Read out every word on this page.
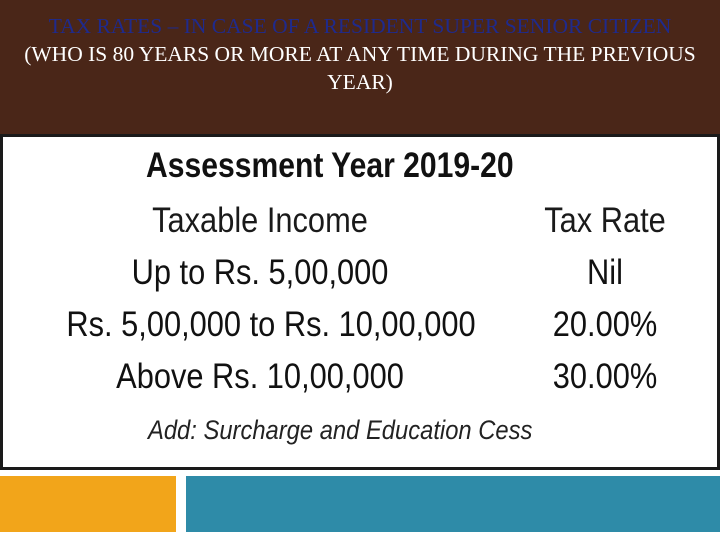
TAX RATES – IN CASE OF A RESIDENT SUPER SENIOR CITIZEN (WHO IS 80 YEARS OR MORE AT ANY TIME DURING THE PREVIOUS YEAR)
Assessment Year 2019-20
Taxable Income	Tax Rate
Up to Rs. 5,00,000	Nil
Rs. 5,00,000 to Rs. 10,00,000	20.00%
Above Rs. 10,00,000	30.00%
Add: Surcharge and Education Cess
